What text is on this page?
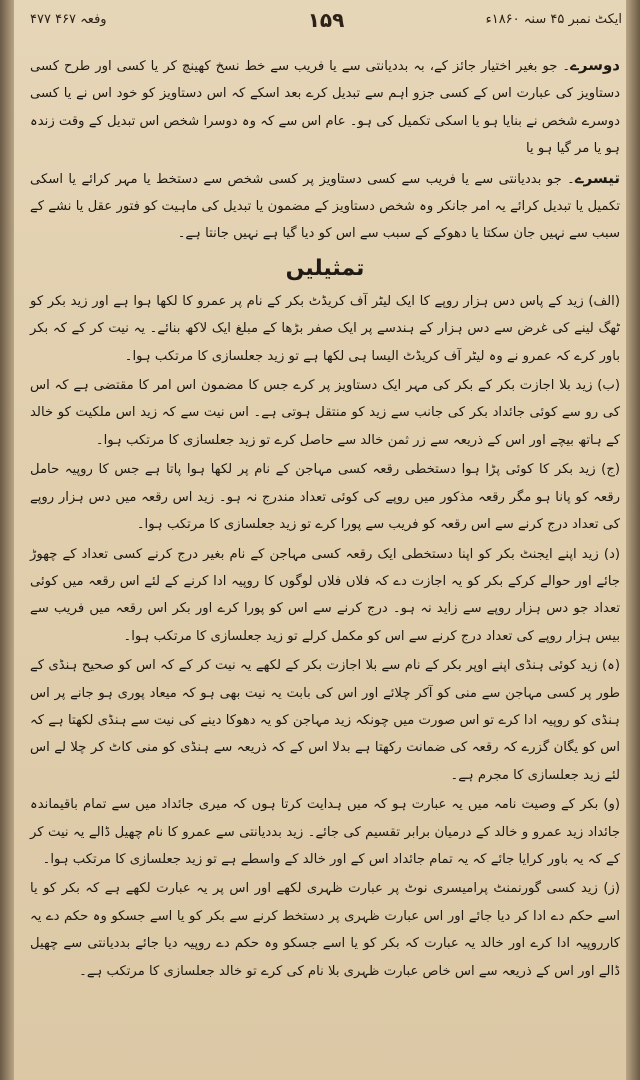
۴۷۷ وفعہ ۴۶۷	۱۵۹	ایکٹ نمبر ۴۵ سنہ ۱۸۶۰ء

دوسرے۔ جو بغیر اختیار جائز کے، بہ بددیانتی سے یا فریب سے خط نسخ کھینچ کر یا کسی اور طرح کسی دستاویز کی عبارت اس کے کسی جزو اہم سے تبدیل کرے بعد اسکے کہ اس دستاویز کو خود اس نے یا کسی دوسرے شخص نے بنایا ہو یا اسکی تکمیل کی ہو۔ عام اس سے کہ وہ دوسرا شخص اس تبدیل کے وقت زندہ ہو یا مر گیا ہو یا

تیسرے۔ جو بددیانتی سے یا فریب سے کسی دستاویز پر کسی شخص سے دستخط یا مہر کرائے یا اسکی تکمیل یا تبدیل کرائے یہ امر جانکر وہ شخص دستاویز کے مضمون یا تبدیل کی ماہیت کو فتور عقل یا نشے کے سبب سے نہیں جان سکتا یا دھوکے کے سبب سے اس کو دیا گیا ہے نہیں جانتا ہے۔

تمثیلیں

(الف) زید کے پاس دس ہزار روپے کا ایک لیٹر آف کریڈٹ بکر کے نام پر عمرو کا لکھا ہوا ہے اور زید بکر کو ٹھگ لینے کی غرض سے دس ہزار کے ہندسے پر ایک صفر بڑھا کے مبلغ ایک لاکھ بنائے۔ یہ نیت کر کے کہ بکر باور کرے کہ عمرو نے وہ لیٹر آف کریڈٹ الیسا ہی لکھا ہے تو زید جعلسازی کا مرتکب ہوا۔

(ب) زید بلا اجازت بکر کے بکر کی مہر ایک دستاویز پر کرے جس کا مضمون اس امر کا مقتضی ہے کہ اس کی رو سے کوئی جائداد بکر کی جانب سے زید کو منتقل ہوتی ہے۔ اس نیت سے کہ زید اس ملکیت کو خالد کے ہاتھ بیچے اور اس کے ذریعہ سے زر ثمن خالد سے حاصل کرے تو زید جعلسازی کا مرتکب ہوا۔

(ج) زید بکر کا کوئی پڑا ہوا دستخطی رقعہ کسی مہاجن کے نام پر لکھا ہوا پاتا ہے جس کا روپیہ حامل رقعہ کو پانا ہو مگر رقعہ مذکور میں روپے کی کوئی تعداد مندرج نہ ہو۔ زید اس رقعہ میں دس ہزار روپے کی تعداد درج کرنے سے اس رقعہ کو فریب سے پورا کرے تو زید جعلسازی کا مرتکب ہوا۔

(د) زید اپنے ایجنٹ بکر کو اپنا دستخطی ایک رقعہ کسی مہاجن کے نام بغیر درج کرنے کسی تعداد کے چھوڑ جائے اور حوالے کرکے بکر کو یہ اجازت دے کہ فلاں فلاں لوگوں کا روپیہ ادا کرنے کے لئے اس رقعہ میں کوئی تعداد جو دس ہزار روپے سے زاید نہ ہو۔ درج کرنے سے اس کو پورا کرے اور بکر اس رقعہ میں فریب سے بیس ہزار روپے کی تعداد درج کرنے سے اس کو مکمل کرلے تو زید جعلسازی کا مرتکب ہوا۔

(ہ) زید کوئی ہنڈی اپنے اوپر بکر کے نام سے بلا اجازت بکر کے لکھے یہ نیت کر کے کہ اس کو صحیح ہنڈی کے طور پر کسی مہاجن سے منی کو آکر چلائے اور اس کی بابت یہ نیت بھی ہو کہ میعاد پوری ہو جانے پر اس ہنڈی کو روپیہ ادا کرے تو اس صورت میں چونکہ زید مہاجن کو یہ دھوکا دینے کی نیت سے ہنڈی لکھتا ہے کہ اس کو یگان گزرے کہ رقعہ کی ضمانت رکھتا ہے بدلا اس کے کہ ذریعہ سے ہنڈی کو منی کاٹ کر چلا لے اس لئے زید جعلسازی کا مجرم ہے۔

(و) بکر کے وصیت نامہ میں یہ عبارت ہو کہ میں ہدایت کرتا ہوں کہ میری جائداد میں سے تمام باقیماندہ جائداد زید عمرو و خالد کے درمیان برابر تقسیم کی جائے۔ زید بددیانتی سے عمرو کا نام چھیل ڈالے یہ نیت کر کے کہ یہ باور کرایا جائے کہ یہ تمام جائداد اس کے اور خالد کے واسطے ہے تو زید جعلسازی کا مرتکب ہوا۔

(ز) زید کسی گورنمنٹ پرامیسری نوٹ پر عبارت ظہری لکھے اور اس پر یہ عبارت لکھے ہے کہ بکر کو یا اسے حکم دے ادا کر دیا جائے اور اس عبارت ظہری پر دستخط کرنے سے بکر کو یا اسے جسکو وہ حکم دے یہ کارروپیہ ادا کرے اور خالد یہ عبارت کہ بکر کو یا اسے جسکو وہ حکم دے روپیہ دیا جائے بددیانتی سے چھیل ڈالے اور اس کے ذریعہ سے اس خاص عبارت ظہری بلا نام کی کرے تو خالد جعلسازی کا مرتکب ہے۔
